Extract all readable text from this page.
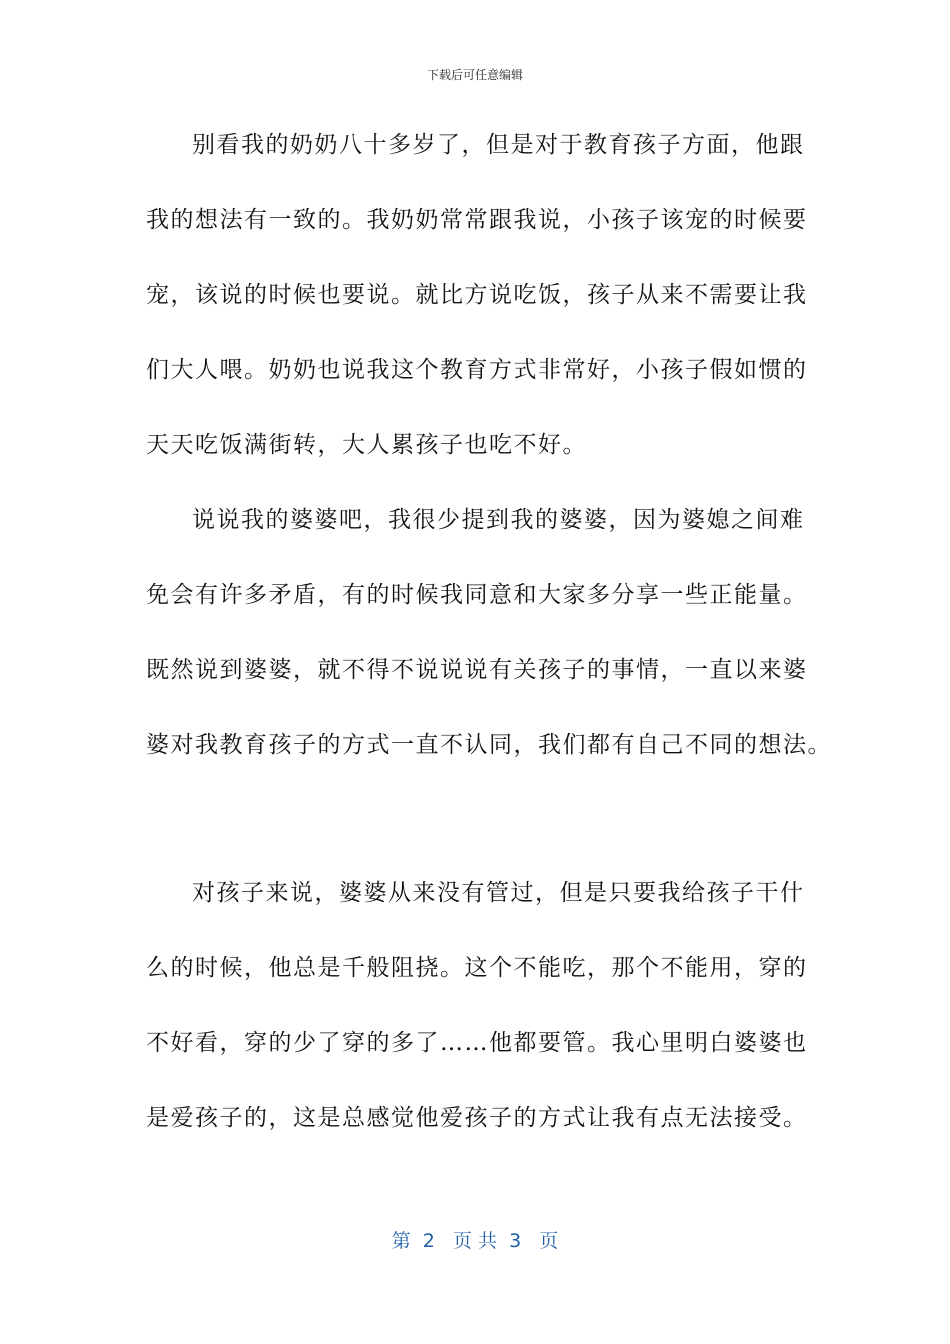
下载后可任意编辑
别看我的奶奶八十多岁了，但是对于教育孩子方面，他跟
我的想法有一致的。我奶奶常常跟我说，小孩子该宠的时候要
宠，该说的时候也要说。就比方说吃饭，孩子从来不需要让我
们大人喂。奶奶也说我这个教育方式非常好，小孩子假如惯的
天天吃饭满街转，大人累孩子也吃不好。
说说我的婆婆吧，我很少提到我的婆婆，因为婆媳之间难
免会有许多矛盾，有的时候我同意和大家多分享一些正能量。
既然说到婆婆，就不得不说说说有关孩子的事情，一直以来婆
婆对我教育孩子的方式一直不认同，我们都有自己不同的想法。
对孩子来说，婆婆从来没有管过，但是只要我给孩子干什
么的时候，他总是千般阻挠。这个不能吃，那个不能用，穿的
不好看，穿的少了穿的多了……他都要管。我心里明白婆婆也
是爱孩子的，这是总感觉他爱孩子的方式让我有点无法接受。
第  2   页 共  3   页
